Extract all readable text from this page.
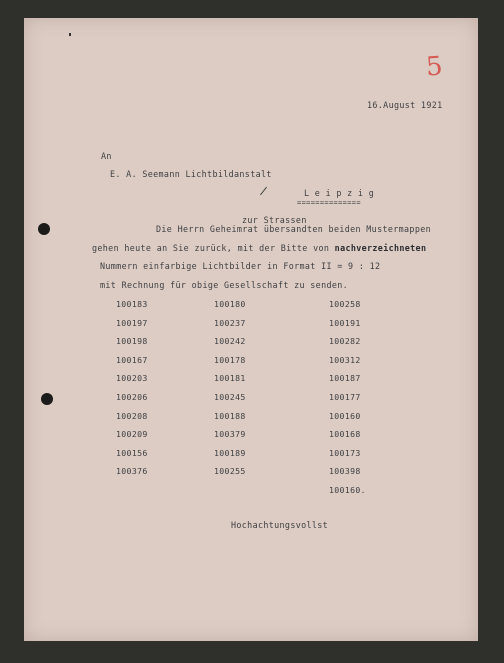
5
16.August 1921
An
E. A. Seemann Lichtbildanstalt
L e i p z i g
==============
zur Strassen
Die Herrn Geheimrat übersandten beiden Mustermappen
gehen heute an Sie zurück, mit der Bitte von nachverzeichneten
Nummern einfarbige Lichtbilder in Format II = 9 : 12
mit Rechnung für obige Gesellschaft zu senden.
100183
100197
100198
100167
100203
100206
100208
100209
100156
100376
100180
100237
100242
100178
100181
100245
100188
100379
100189
100255
100258
100191
100282
100312
100187
100177
100160
100168
100173
100398
100160.
Hochachtungsvollst
